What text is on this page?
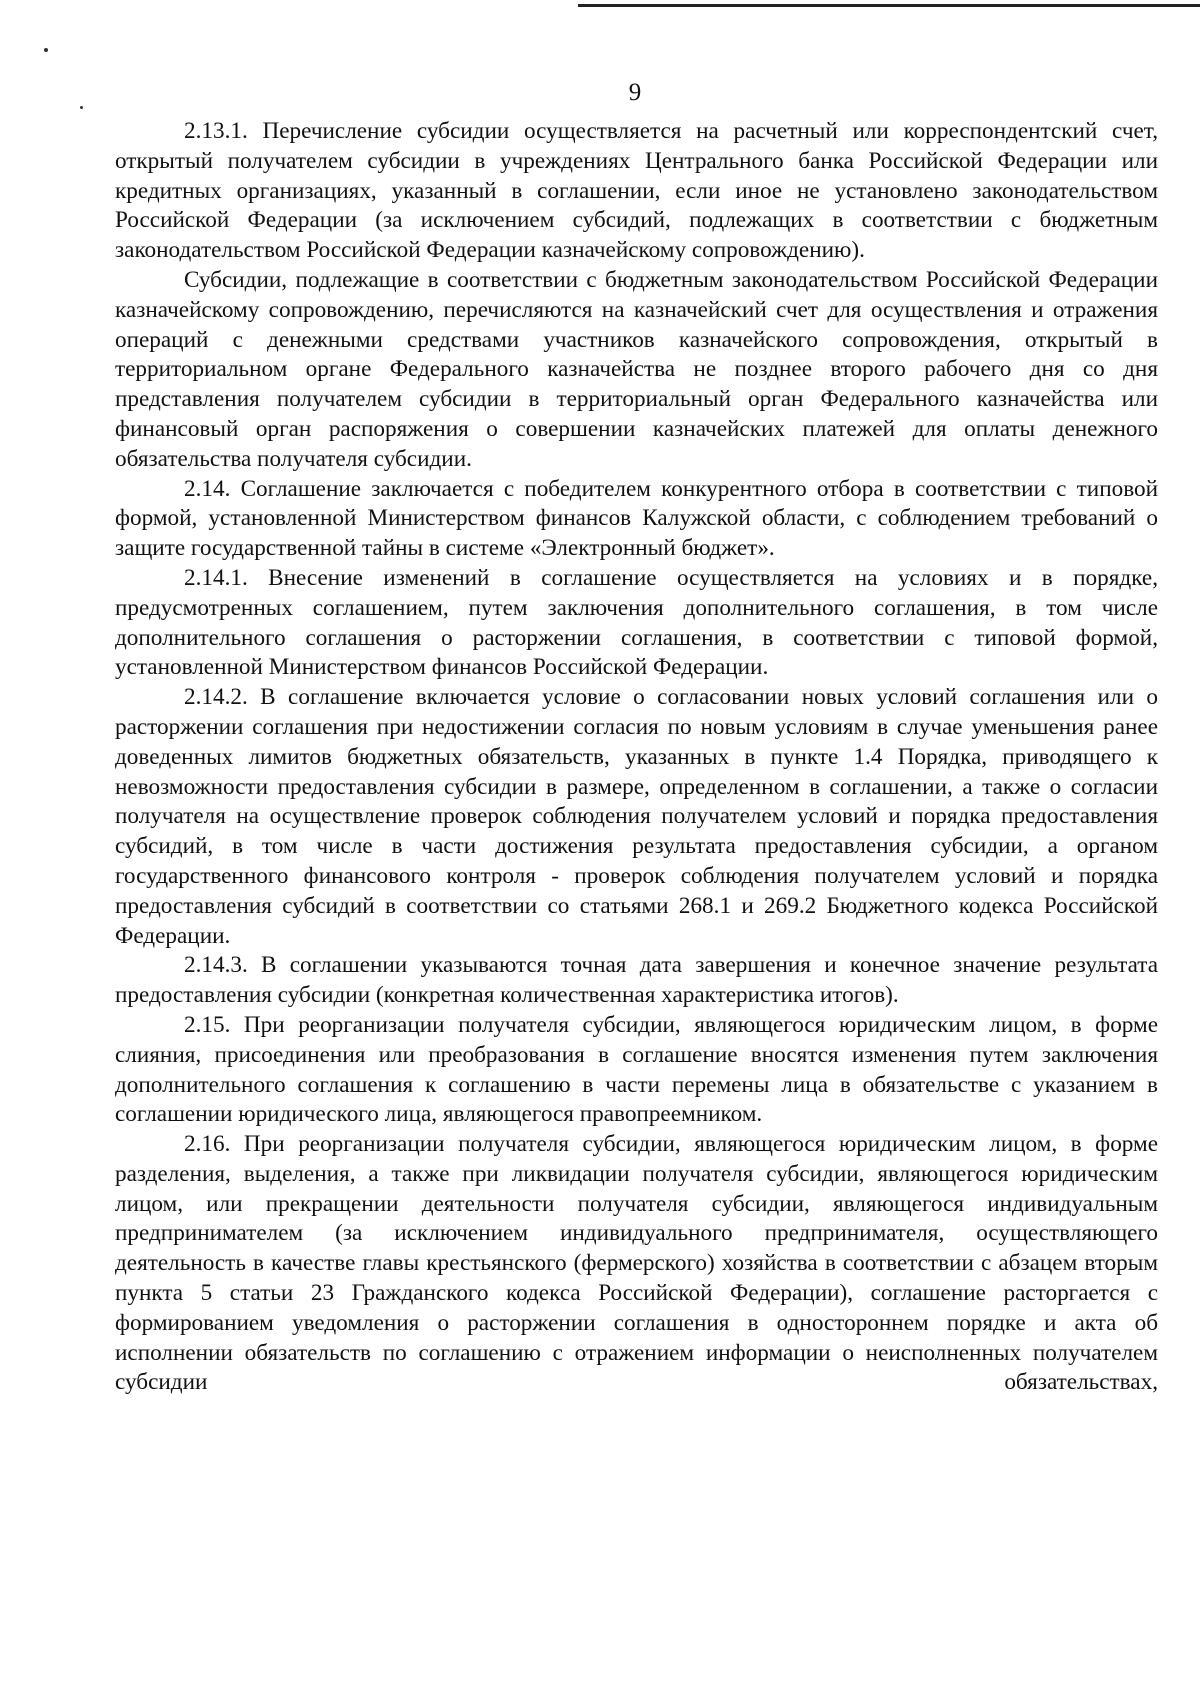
9

2.13.1. Перечисление субсидии осуществляется на расчетный или корреспондентский счет, открытый получателем субсидии в учреждениях Центрального банка Российской Федерации или кредитных организациях, указанный в соглашении, если иное не установлено законодательством Российской Федерации (за исключением субсидий, подлежащих в соответствии с бюджетным законодательством Российской Федерации казначейскому сопровождению).

Субсидии, подлежащие в соответствии с бюджетным законодательством Российской Федерации казначейскому сопровождению, перечисляются на казначейский счет для осуществления и отражения операций с денежными средствами участников казначейского сопровождения, открытый в территориальном органе Федерального казначейства не позднее второго рабочего дня со дня представления получателем субсидии в территориальный орган Федерального казначейства или финансовый орган распоряжения о совершении казначейских платежей для оплаты денежного обязательства получателя субсидии.

2.14. Соглашение заключается с победителем конкурентного отбора в соответствии с типовой формой, установленной Министерством финансов Калужской области, с соблюдением требований о защите государственной тайны в системе «Электронный бюджет».

2.14.1. Внесение изменений в соглашение осуществляется на условиях и в порядке, предусмотренных соглашением, путем заключения дополнительного соглашения, в том числе дополнительного соглашения о расторжении соглашения, в соответствии с типовой формой, установленной Министерством финансов Российской Федерации.

2.14.2. В соглашение включается условие о согласовании новых условий соглашения или о расторжении соглашения при недостижении согласия по новым условиям в случае уменьшения ранее доведенных лимитов бюджетных обязательств, указанных в пункте 1.4 Порядка, приводящего к невозможности предоставления субсидии в размере, определенном в соглашении, а также о согласии получателя на осуществление проверок соблюдения получателем условий и порядка предоставления субсидий, в том числе в части достижения результата предоставления субсидии, а органом государственного финансового контроля - проверок соблюдения получателем условий и порядка предоставления субсидий в соответствии со статьями 268.1 и 269.2 Бюджетного кодекса Российской Федерации.

2.14.3. В соглашении указываются точная дата завершения и конечное значение результата предоставления субсидии (конкретная количественная характеристика итогов).

2.15. При реорганизации получателя субсидии, являющегося юридическим лицом, в форме слияния, присоединения или преобразования в соглашение вносятся изменения путем заключения дополнительного соглашения к соглашению в части перемены лица в обязательстве с указанием в соглашении юридического лица, являющегося правопреемником.

2.16. При реорганизации получателя субсидии, являющегося юридическим лицом, в форме разделения, выделения, а также при ликвидации получателя субсидии, являющегося юридическим лицом, или прекращении деятельности получателя субсидии, являющегося индивидуальным предпринимателем (за исключением индивидуального предпринимателя, осуществляющего деятельность в качестве главы крестьянского (фермерского) хозяйства в соответствии с абзацем вторым пункта 5 статьи 23 Гражданского кодекса Российской Федерации), соглашение расторгается с формированием уведомления о расторжении соглашения в одностороннем порядке и акта об исполнении обязательств по соглашению с отражением информации о неисполненных получателем субсидии обязательствах,
